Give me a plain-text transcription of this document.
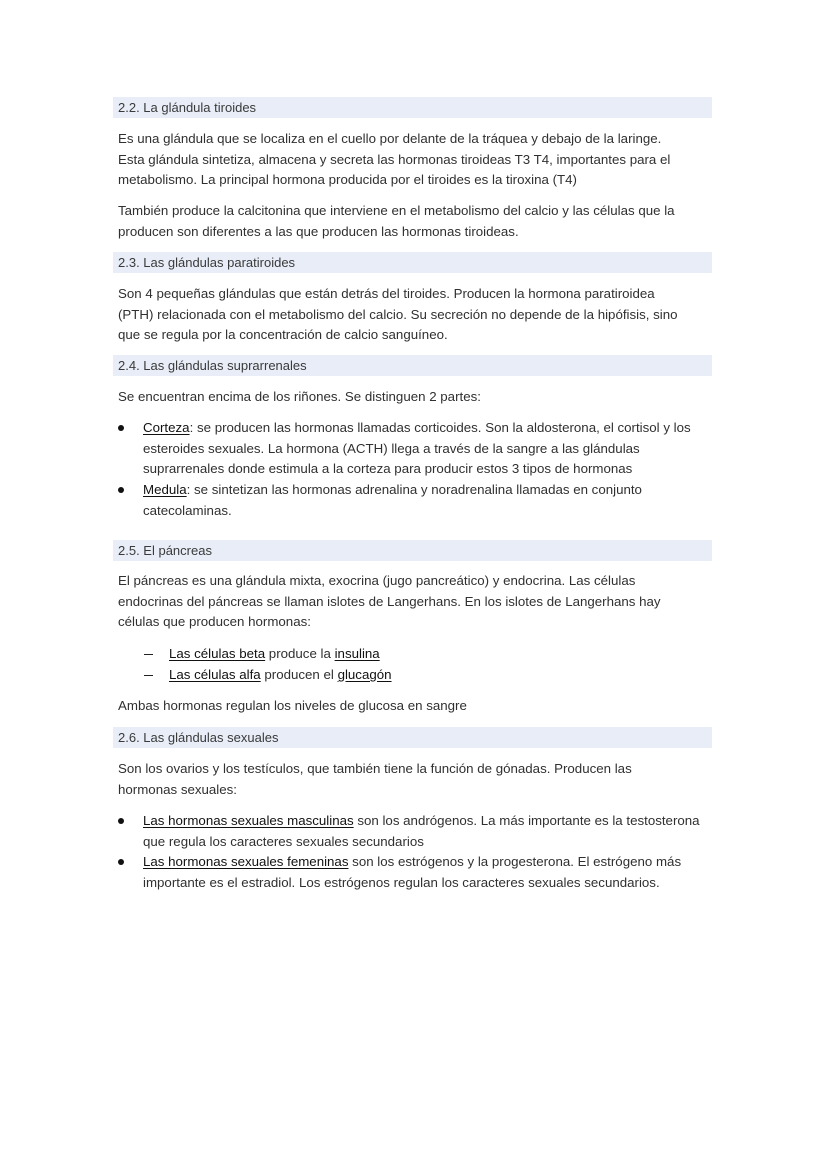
2.2. La glándula tiroides

Es una glándula que se localiza en el cuello por delante de la tráquea y debajo de la laringe.
Esta glándula sintetiza, almacena y secreta las hormonas tiroideas T3 T4, importantes para el
metabolismo. La principal hormona producida por el tiroides es la tiroxina (T4)

También produce la calcitonina que interviene en el metabolismo del calcio y las células que la
producen son diferentes a las que producen las hormonas tiroideas.

2.3. Las glándulas paratiroides

Son 4 pequeñas glándulas que están detrás del tiroides. Producen la hormona paratiroidea
(PTH) relacionada con el metabolismo del calcio. Su secreción no depende de la hipófisis, sino
que se regula por la concentración de calcio sanguíneo.

2.4. Las glándulas suprarrenales

Se encuentran encima de los riñones. Se distinguen 2 partes:

Corteza: se producen las hormonas llamadas corticoides. Son la aldosterona, el cortisol y los
esteroides sexuales. La hormona (ACTH) llega a través de la sangre a las glándulas
suprarrenales donde estimula a la corteza para producir estos 3 tipos de hormonas
Medula: se sintetizan las hormonas adrenalina y noradrenalina llamadas en conjunto
catecolaminas.
2.5. El páncreas

El páncreas es una glándula mixta, exocrina (jugo pancreático) y endocrina. Las células
endocrinas del páncreas se llaman islotes de Langerhans. En los islotes de Langerhans hay
células que producen hormonas:

Las células beta produce la insulina
Las células alfa producen el glucagón

Ambas hormonas regulan los niveles de glucosa en sangre

2.6. Las glándulas sexuales

Son los ovarios y los testículos, que también tiene la función de gónadas. Producen las
hormonas sexuales:

Las hormonas sexuales masculinas son los andrógenos. La más importante es la testosterona
que regula los caracteres sexuales secundarios
Las hormonas sexuales femeninas son los estrógenos y la progesterona. El estrógeno más
importante es el estradiol. Los estrógenos regulan los caracteres sexuales secundarios.
